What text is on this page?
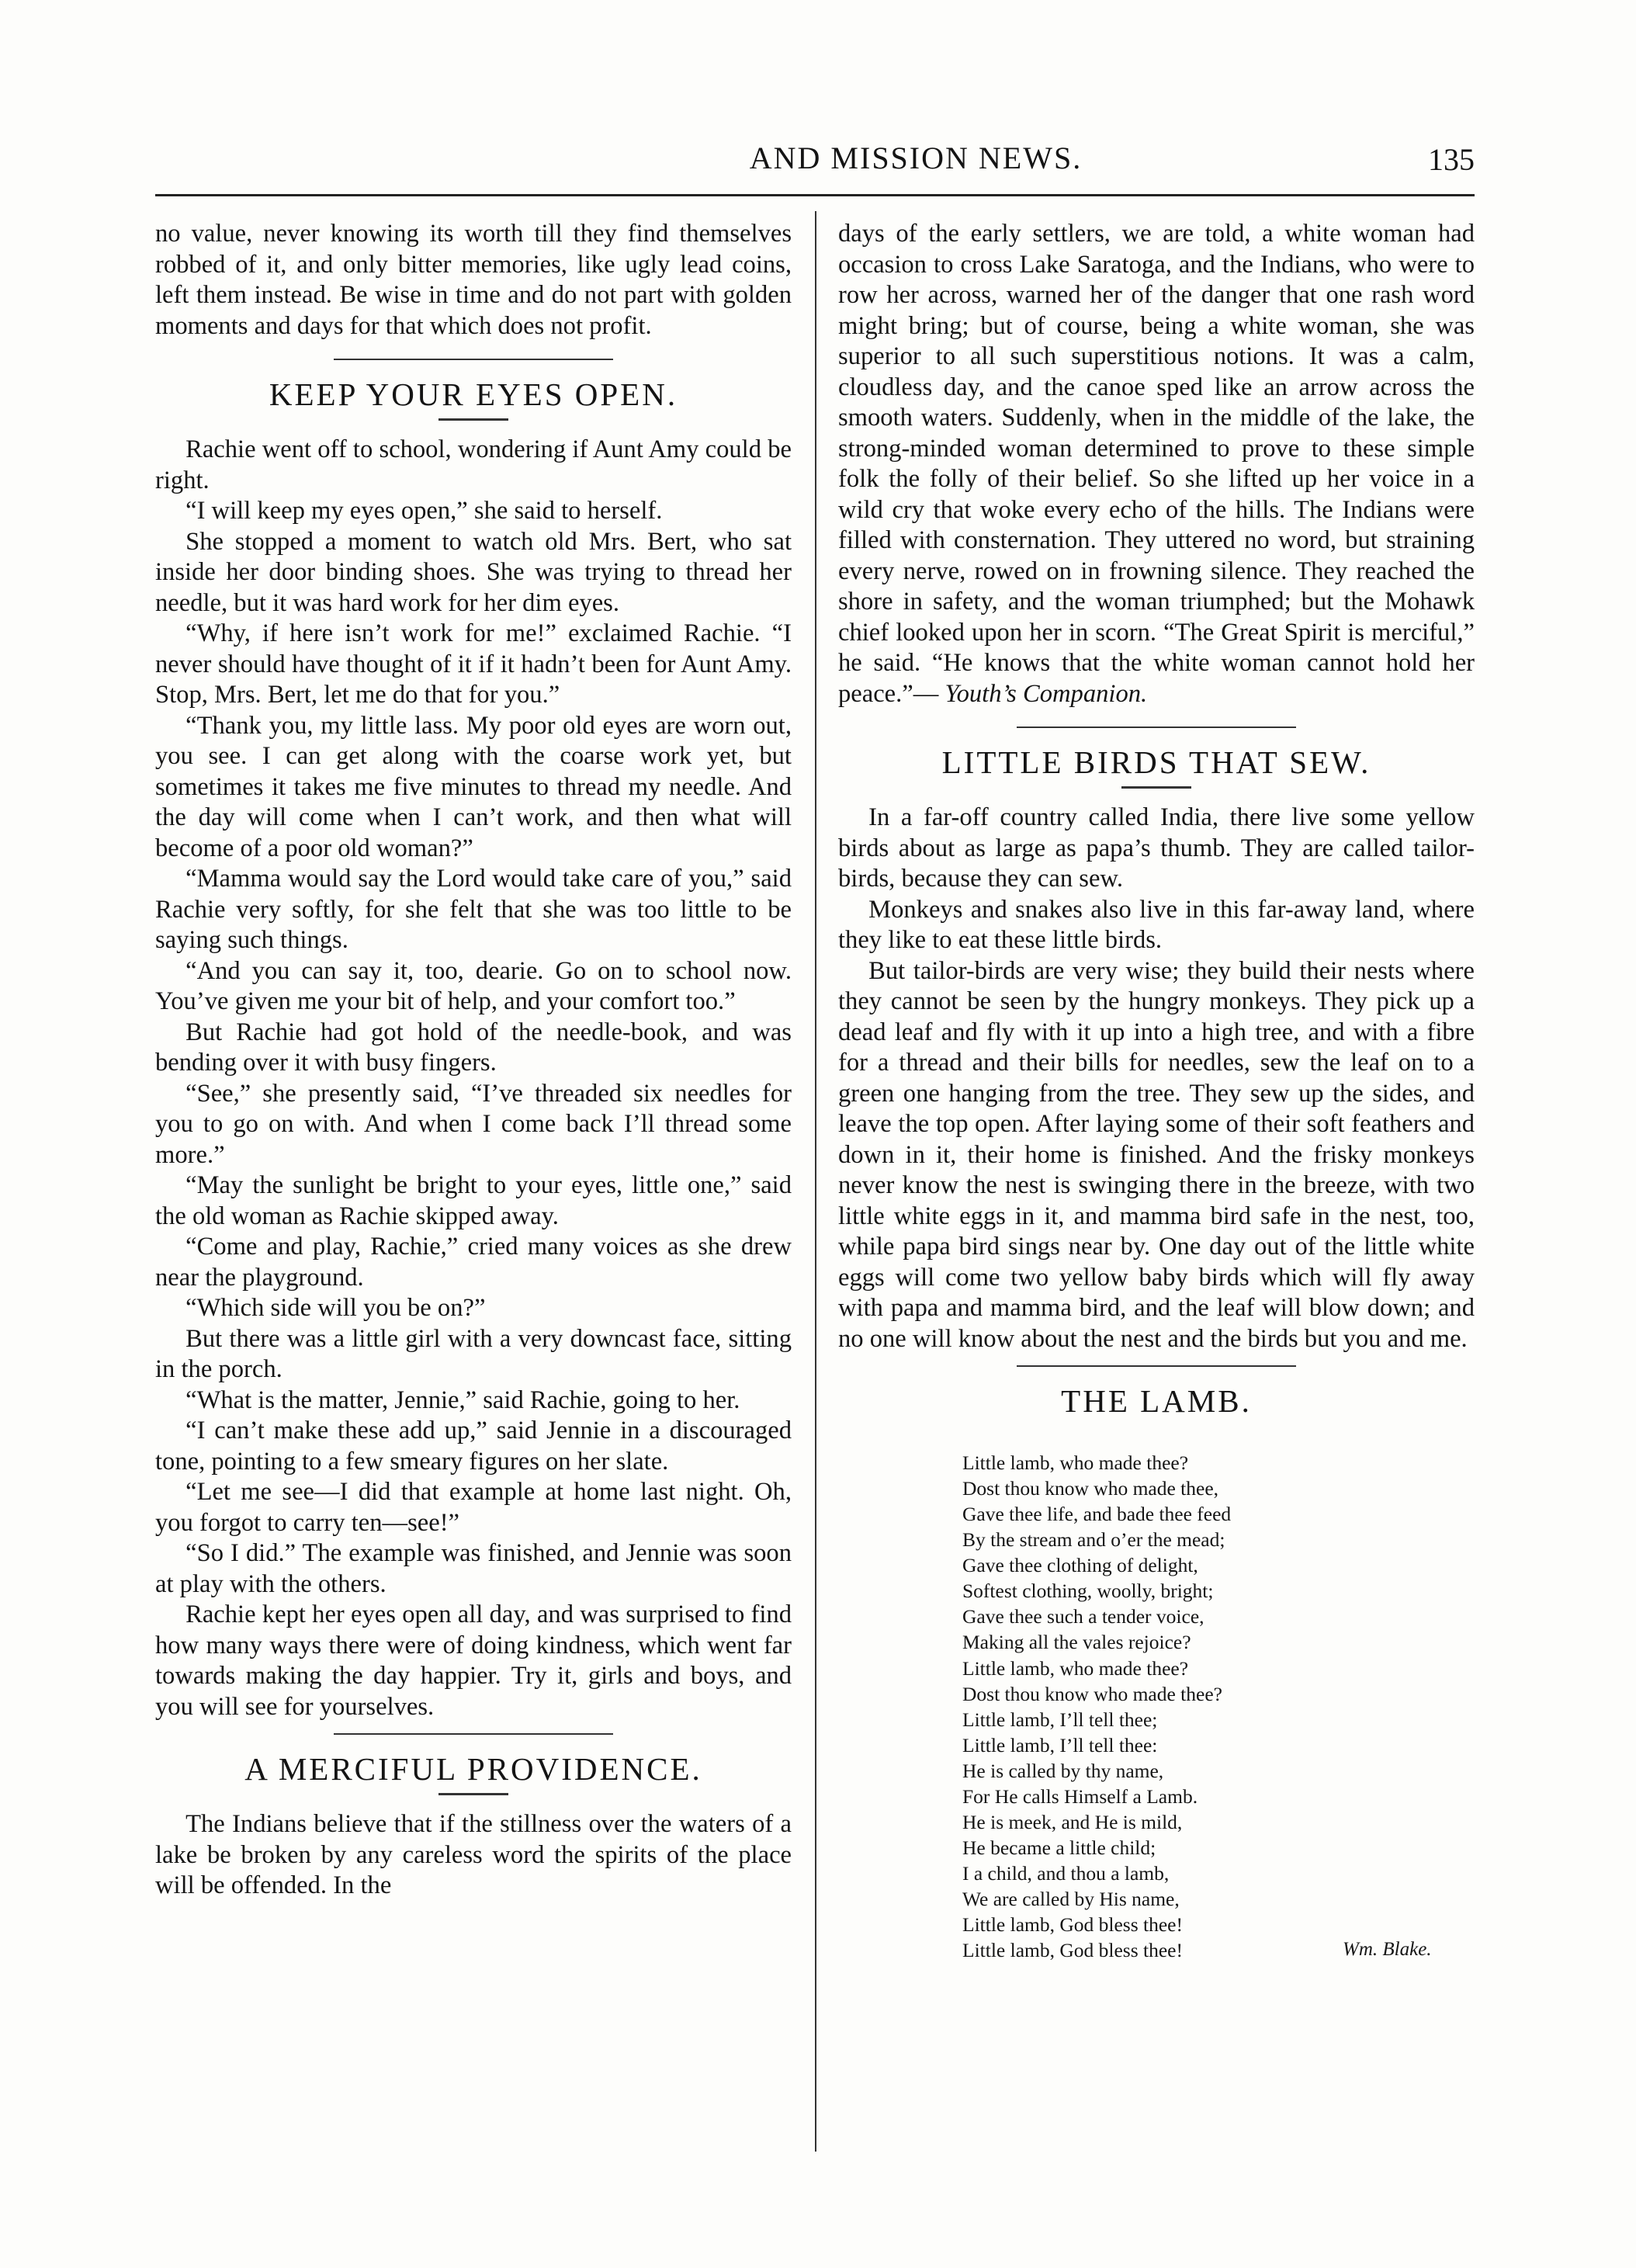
AND MISSION NEWS.	135

no value, never knowing its worth till they find themselves robbed of it, and only bitter memories, like ugly lead coins, left them instead. Be wise in time and do not part with golden moments and days for that which does not profit.

KEEP YOUR EYES OPEN.

Rachie went off to school, wondering if Aunt Amy could be right.

“I will keep my eyes open,” she said to herself.

She stopped a moment to watch old Mrs. Bert, who sat inside her door binding shoes. She was trying to thread her needle, but it was hard work for her dim eyes.

“Why, if here isn’t work for me!” exclaimed Rachie. “I never should have thought of it if it hadn’t been for Aunt Amy. Stop, Mrs. Bert, let me do that for you.”

“Thank you, my little lass. My poor old eyes are worn out, you see. I can get along with the coarse work yet, but sometimes it takes me five minutes to thread my needle. And the day will come when I can’t work, and then what will become of a poor old woman?”

“Mamma would say the Lord would take care of you,” said Rachie very softly, for she felt that she was too little to be saying such things.

“And you can say it, too, dearie. Go on to school now. You’ve given me your bit of help, and your comfort too.”

But Rachie had got hold of the needle-book, and was bending over it with busy fingers.

“See,” she presently said, “I’ve threaded six needles for you to go on with. And when I come back I’ll thread some more.”

“May the sunlight be bright to your eyes, little one,” said the old woman as Rachie skipped away.

“Come and play, Rachie,” cried many voices as she drew near the playground.

“Which side will you be on?”

But there was a little girl with a very downcast face, sitting in the porch.

“What is the matter, Jennie,” said Rachie, going to her.

“I can’t make these add up,” said Jennie in a discouraged tone, pointing to a few smeary figures on her slate.

“Let me see—I did that example at home last night. Oh, you forgot to carry ten—see!”

“So I did.” The example was finished, and Jennie was soon at play with the others.

Rachie kept her eyes open all day, and was surprised to find how many ways there were of doing kindness, which went far towards making the day happier. Try it, girls and boys, and you will see for yourselves.

A MERCIFUL PROVIDENCE.

The Indians believe that if the stillness over the waters of a lake be broken by any careless word the spirits of the place will be offended. In the

days of the early settlers, we are told, a white woman had occasion to cross Lake Saratoga, and the Indians, who were to row her across, warned her of the danger that one rash word might bring; but of course, being a white woman, she was superior to all such superstitious notions. It was a calm, cloudless day, and the canoe sped like an arrow across the smooth waters. Suddenly, when in the middle of the lake, the strong-minded woman determined to prove to these simple folk the folly of their belief. So she lifted up her voice in a wild cry that woke every echo of the hills. The Indians were filled with consternation. They uttered no word, but straining every nerve, rowed on in frowning silence. They reached the shore in safety, and the woman triumphed; but the Mohawk chief looked upon her in scorn. “The Great Spirit is merciful,” he said. “He knows that the white woman cannot hold her peace.”— Youth’s Companion.

LITTLE BIRDS THAT SEW.

In a far-off country called India, there live some yellow birds about as large as papa’s thumb. They are called tailor-birds, because they can sew.

Monkeys and snakes also live in this far-away land, where they like to eat these little birds.

But tailor-birds are very wise; they build their nests where they cannot be seen by the hungry monkeys. They pick up a dead leaf and fly with it up into a high tree, and with a fibre for a thread and their bills for needles, sew the leaf on to a green one hanging from the tree. They sew up the sides, and leave the top open. After laying some of their soft feathers and down in it, their home is finished. And the frisky monkeys never know the nest is swinging there in the breeze, with two little white eggs in it, and mamma bird safe in the nest, too, while papa bird sings near by. One day out of the little white eggs will come two yellow baby birds which will fly away with papa and mamma bird, and the leaf will blow down; and no one will know about the nest and the birds but you and me.

THE LAMB.
Little lamb, who made thee?
Dost thou know who made thee,
Gave thee life, and bade thee feed
By the stream and o’er the mead;
Gave thee clothing of delight,
Softest clothing, woolly, bright;
Gave thee such a tender voice,
Making all the vales rejoice?
Little lamb, who made thee?
Dost thou know who made thee?
Little lamb, I’ll tell thee;
Little lamb, I’ll tell thee:
He is called by thy name,
For He calls Himself a Lamb.
He is meek, and He is mild,
He became a little child;
I a child, and thou a lamb,
We are called by His name,
Little lamb, God bless thee!
Little lamb, God bless thee!	Wm. Blake.
